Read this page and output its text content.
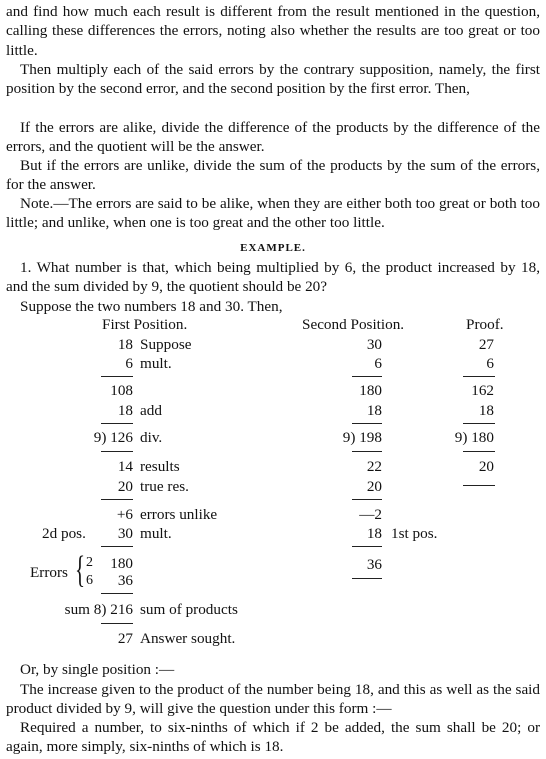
and find how much each result is different from the result mentioned in the question, calling these differences the errors, noting also whether the results are too great or too little.

Then multiply each of the said errors by the contrary supposition, namely, the first position by the second error, and the second position by the first error. Then,

If the errors are alike, divide the difference of the products by the difference of the errors, and the quotient will be the answer.

But if the errors are unlike, divide the sum of the products by the sum of the errors, for the answer.

Note.—The errors are said to be alike, when they are either both too great or both too little; and unlike, when one is too great and the other too little.

EXAMPLE.

1. What number is that, which being multiplied by 6, the product increased by 18, and the sum divided by 9, the quotient should be 20?

Suppose the two numbers 18 and 30. Then,

First Position.	Second Position.	Proof.
18
6
108
18
9) 126
14
20
+6
30
180
36
sum 8) 216
27
Suppose
mult.
add
div.
results
true res.
errors unlike
mult.
2d pos.
sum of products
Answer sought.
Errors { 2
6
30
6
180
18
9) 198
22
20
—2
18 1st pos.
36
27
6
162
18
9) 180
20

Or, by single position :—

The increase given to the product of the number being 18, and this as well as the said product divided by 9, will give the question under this form :—

Required a number, to six-ninths of which if 2 be added, the sum shall be 20; or again, more simply, six-ninths of which is 18.
